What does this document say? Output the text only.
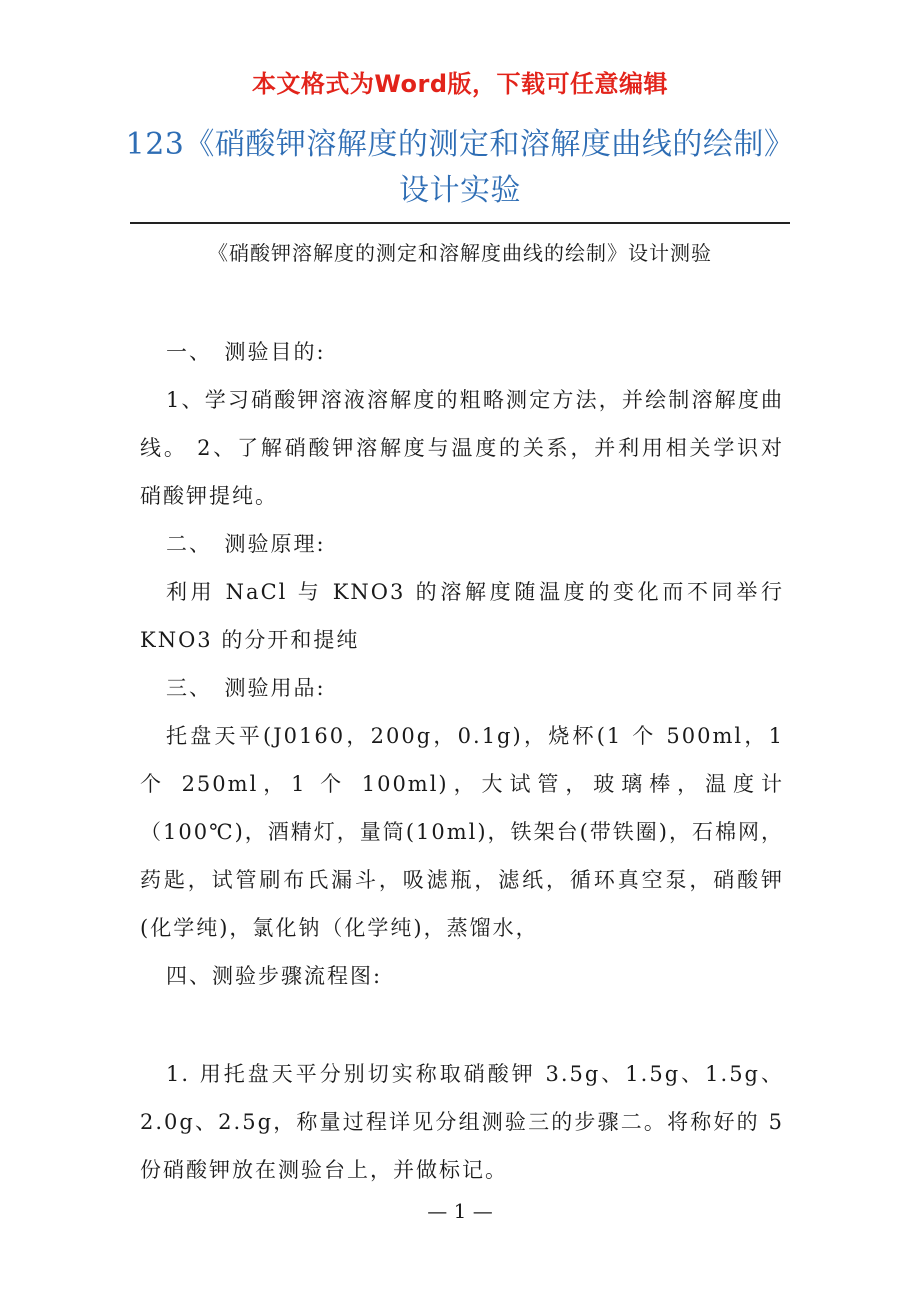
本文格式为Word版，下载可任意编辑
123《硝酸钾溶解度的测定和溶解度曲线的绘制》设计实验
《硝酸钾溶解度的测定和溶解度曲线的绘制》设计测验

一、　测验目的:

1、学习硝酸钾溶液溶解度的粗略测定方法，并绘制溶解度曲线。 2、了解硝酸钾溶解度与温度的关系，并利用相关学识对硝酸钾提纯。

二、　测验原理:

利用 NaCl 与 KNO3 的溶解度随温度的变化而不同举行 KNO3 的分开和提纯

三、　测验用品:

托盘天平(J0160，200g，0.1g)，烧杯(1 个 500ml，1 个 250ml，1 个 100ml)，大试管，玻璃棒，温度计（100℃)，酒精灯，量筒(10ml)，铁架台(带铁圈)，石棉网，药匙，试管刷布氏漏斗，吸滤瓶，滤纸，循环真空泵，硝酸钾(化学纯)，氯化钠（化学纯)，蒸馏水，

四、测验步骤流程图:

1. 用托盘天平分别切实称取硝酸钾 3.5g、1.5g、1.5g、2.0g、2.5g，称量过程详见分组测验三的步骤二。将称好的 5 份硝酸钾放在测验台上，并做标记。

— 1 —
